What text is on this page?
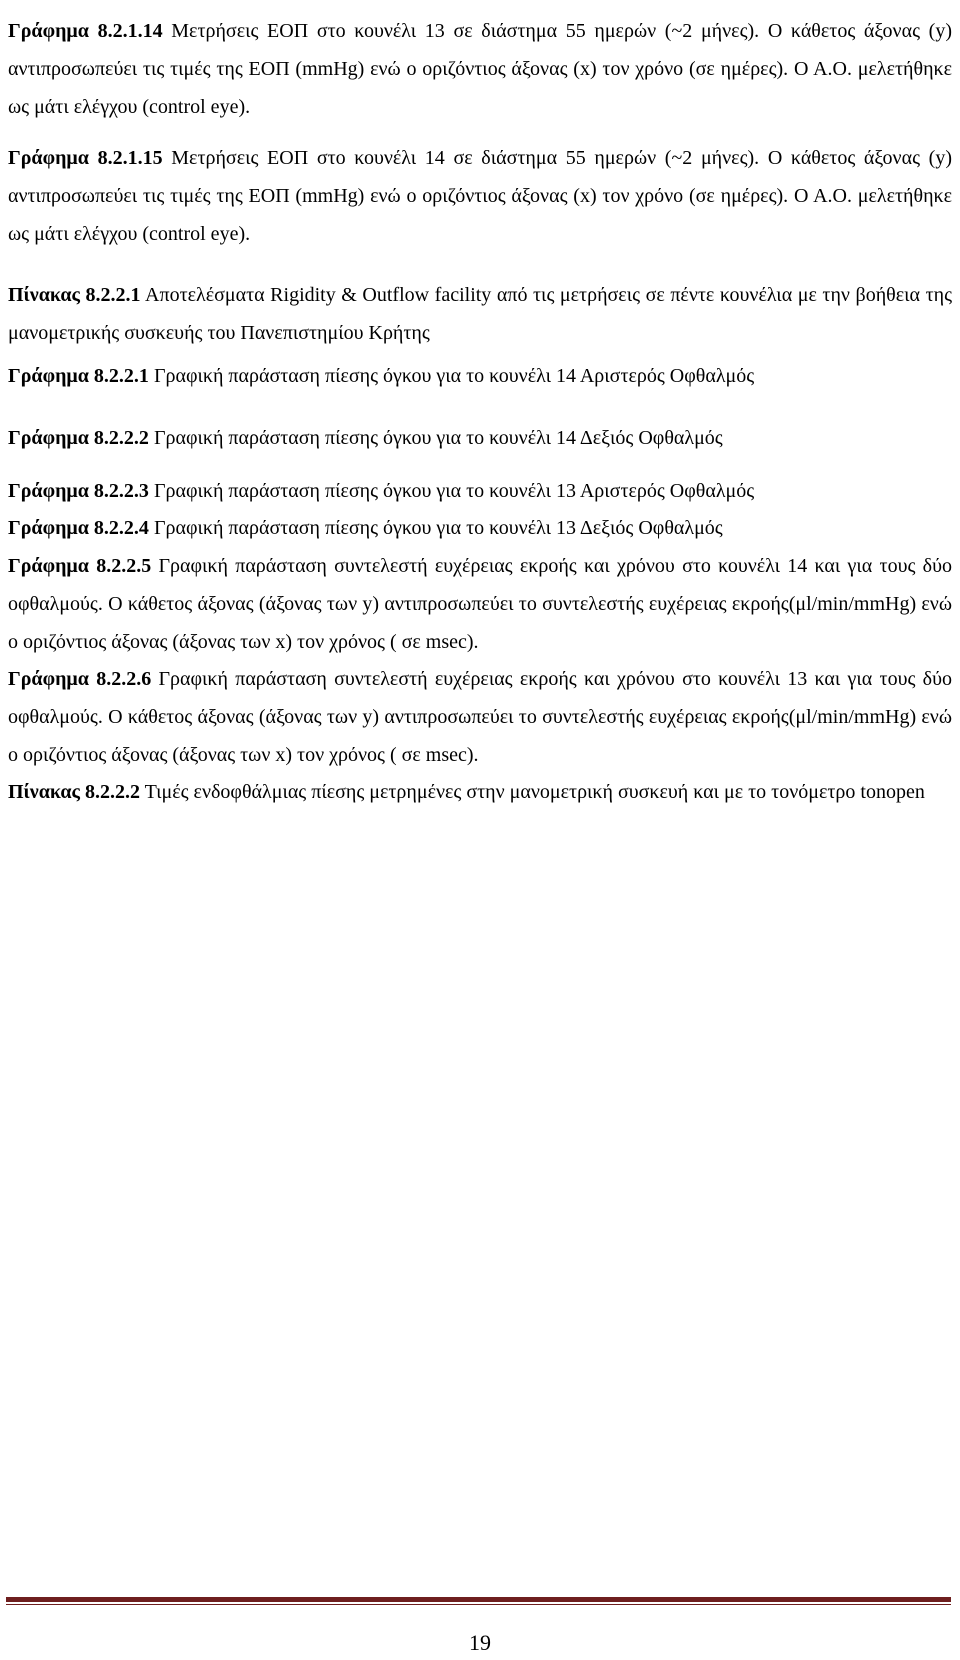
Γράφημα 8.2.1.14 Μετρήσεις ΕΟΠ στο κουνέλι 13 σε διάστημα 55 ημερών (~2 μήνες). Ο κάθετος άξονας (y) αντιπροσωπεύει τις τιμές της ΕΟΠ (mmHg) ενώ ο οριζόντιος άξονας (x) τον χρόνο (σε ημέρες). Ο Α.Ο. μελετήθηκε ως μάτι ελέγχου (control eye).

Γράφημα 8.2.1.15 Μετρήσεις ΕΟΠ στο κουνέλι 14 σε διάστημα 55 ημερών (~2 μήνες). Ο κάθετος άξονας (y) αντιπροσωπεύει τις τιμές της ΕΟΠ (mmHg) ενώ ο οριζόντιος άξονας (x) τον χρόνο (σε ημέρες). Ο Α.Ο. μελετήθηκε ως μάτι ελέγχου (control eye).

Πίνακας 8.2.2.1 Αποτελέσματα Rigidity & Outflow facility από τις μετρήσεις σε πέντε κουνέλια με την βοήθεια της μανομετρικής συσκευής του Πανεπιστημίου Κρήτης

Γράφημα 8.2.2.1 Γραφική παράσταση πίεσης όγκου για το κουνέλι 14 Αριστερός Οφθαλμός

Γράφημα 8.2.2.2 Γραφική παράσταση πίεσης όγκου για το κουνέλι 14 Δεξιός Οφθαλμός

Γράφημα 8.2.2.3 Γραφική παράσταση πίεσης όγκου για το κουνέλι 13 Αριστερός Οφθαλμός

Γράφημα 8.2.2.4 Γραφική παράσταση πίεσης όγκου για το κουνέλι 13 Δεξιός Οφθαλμός

Γράφημα 8.2.2.5 Γραφική παράσταση συντελεστή ευχέρειας εκροής και χρόνου στο κουνέλι 14 και για τους δύο οφθαλμούς. Ο κάθετος άξονας (άξονας των y) αντιπροσωπεύει το συντελεστής ευχέρειας εκροής(μl/min/mmHg) ενώ ο οριζόντιος άξονας (άξονας των x) τον χρόνος ( σε msec).

Γράφημα 8.2.2.6 Γραφική παράσταση συντελεστή ευχέρειας εκροής και χρόνου στο κουνέλι 13 και για τους δύο οφθαλμούς. Ο κάθετος άξονας (άξονας των y) αντιπροσωπεύει το συντελεστής ευχέρειας εκροής(μl/min/mmHg) ενώ ο οριζόντιος άξονας (άξονας των x) τον χρόνος ( σε msec).

Πίνακας 8.2.2.2 Τιμές ενδοφθάλμιας πίεσης μετρημένες στην μανομετρική συσκευή και με το τονόμετρο tonopen

19
